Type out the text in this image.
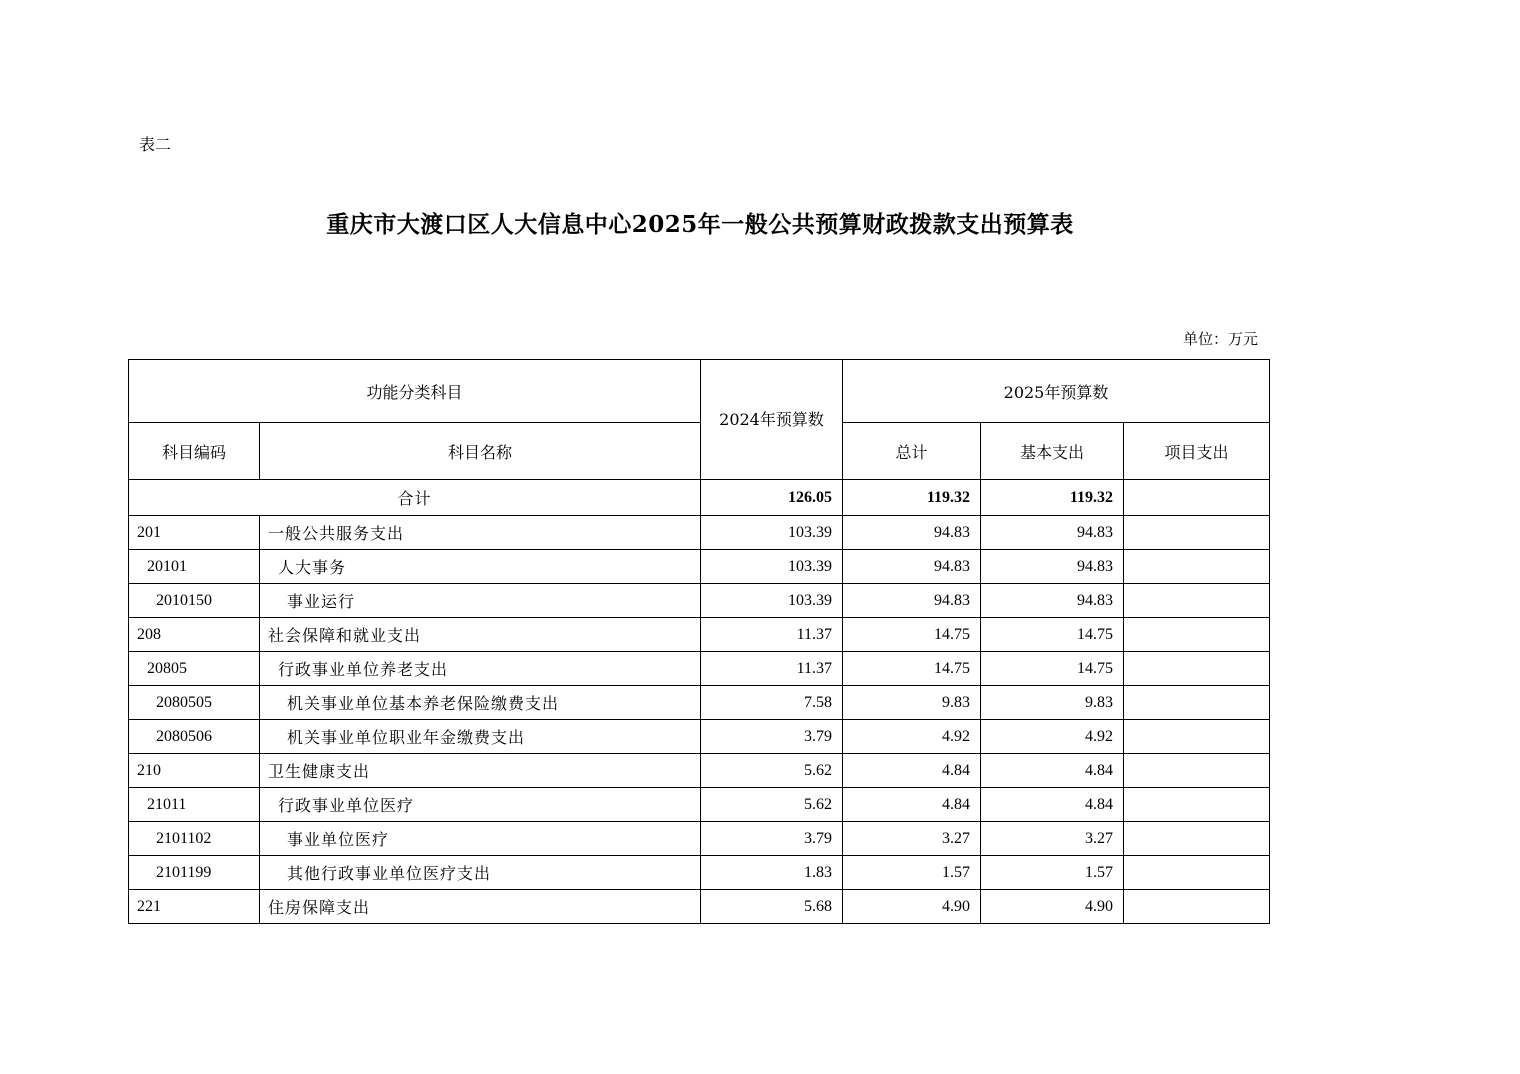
表二
重庆市大渡口区人大信息中心2025年一般公共预算财政拨款支出预算表
单位：万元
功能分类科目		2024年预算数	2025年预算数		
科目编码	科目名称		总计	基本支出	项目支出
合计		126.05	119.32	119.32	
201	一般公共服务支出	103.39	94.83	94.83	
20101	人大事务	103.39	94.83	94.83	
2010150	事业运行	103.39	94.83	94.83	
208	社会保障和就业支出	11.37	14.75	14.75	
20805	行政事业单位养老支出	11.37	14.75	14.75	
2080505	机关事业单位基本养老保险缴费支出	7.58	9.83	9.83	
2080506	机关事业单位职业年金缴费支出	3.79	4.92	4.92	
210	卫生健康支出	5.62	4.84	4.84	
21011	行政事业单位医疗	5.62	4.84	4.84	
2101102	事业单位医疗	3.79	3.27	3.27	
2101199	其他行政事业单位医疗支出	1.83	1.57	1.57	
221	住房保障支出	5.68	4.90	4.90	
